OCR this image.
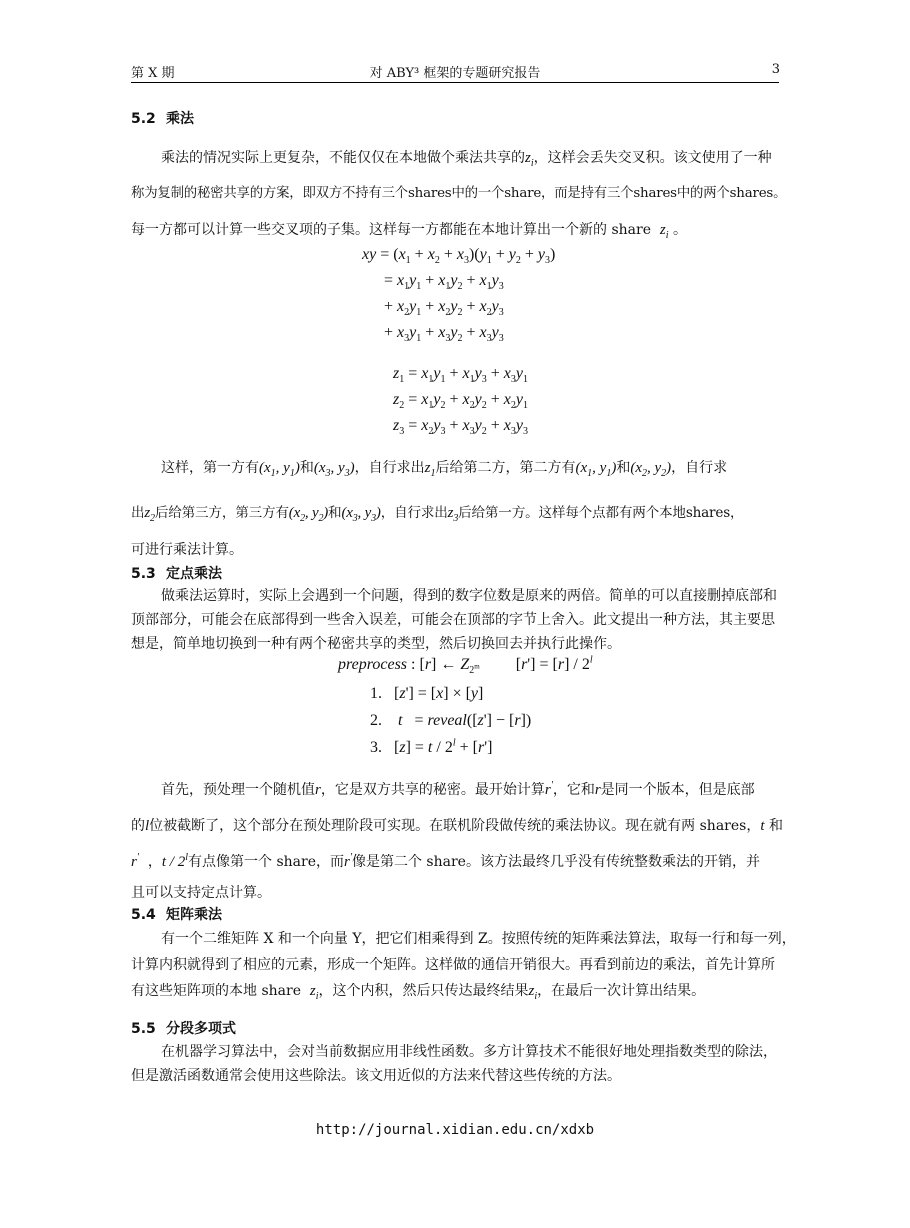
第 X 期	对 ABY³ 框架的专题研究报告	3
5.2 乘法
乘法的情况实际上更复杂，不能仅仅在本地做个乘法共享的$z_i$，这样会丢失交叉积。该文使用了一种
称为复制的秘密共享的方案，即双方不持有三个shares中的一个share，而是持有三个shares中的两个shares。
每一方都可以计算一些交叉项的子集。这样每一方都能在本地计算出一个新的 share $z_i$ 。
xy = $(x_1 + x_2 + x_3)(y_1 + y_2 + y_3)$
= $x_1y_1 + x_1y_2 + x_1y_3$
+ $x_2y_1 + x_2y_2 + x_2y_3$
+ $x_3y_1 + x_3y_2 + x_3y_3$
$z_1 = x_1y_1 + x_1y_3 + x_3y_1$
$z_2 = x_1y_2 + x_2y_2 + x_2y_1$
$z_3 = x_2y_3 + x_3y_2 + x_3y_3$
这样，第一方有($x_1$, $y_1$)和($x_3$, $y_3$)，自行求出$z_1$后给第二方，第二方有($x_1$, $y_1$)和($x_2$, $y_2$)，自行求
出$z_2$后给第三方，第三方有($x_2$, $y_2$)和($x_3$, $y_3$)，自行求出$z_3$后给第一方。这样每个点都有两个本地shares，
可进行乘法计算。
5.3 定点乘法
做乘法运算时，实际上会遇到一个问题，得到的数字位数是原来的两倍。简单的可以直接删掉底部和
顶部部分，可能会在底部得到一些舍入误差，可能会在顶部的字节上舍入。此文提出一种方法，其主要思
想是，简单地切换到一种有两个秘密共享的类型，然后切换回去并执行此操作。
preprocess : [r] ← $Z_{2^m}$         [r'] = [r] / 2$^l$
1.   [z'] = [x] × [y]
2.    t   = reveal([z'] − [r])
3.   $[z] = t / 2^l + [r']$
首先，预处理一个随机值r，它是双方共享的秘密。最开始计算r'，它和r是同一个版本，但是底部
的l位被截断了，这个部分在预处理阶段可实现。在联机阶段做传统的乘法协议。现在就有两 shares，t 和
r'  ，t / 2$^l$有点像第一个 share，而r'像是第二个 share。该方法最终几乎没有传统整数乘法的开销，并
且可以支持定点计算。
5.4 矩阵乘法
有一个二维矩阵 X 和一个向量 Y，把它们相乘得到 Z。按照传统的矩阵乘法算法，取每一行和每一列，
计算内积就得到了相应的元素，形成一个矩阵。这样做的通信开销很大。再看到前边的乘法，首先计算所
有这些矩阵项的本地 share $z_i$，这个内积，然后只传达最终结果$z_i$，在最后一次计算出结果。
5.5 分段多项式
在机器学习算法中，会对当前数据应用非线性函数。多方计算技术不能很好地处理指数类型的除法，
但是激活函数通常会使用这些除法。该文用近似的方法来代替这些传统的方法。
http://journal.xidian.edu.cn/xdxb
